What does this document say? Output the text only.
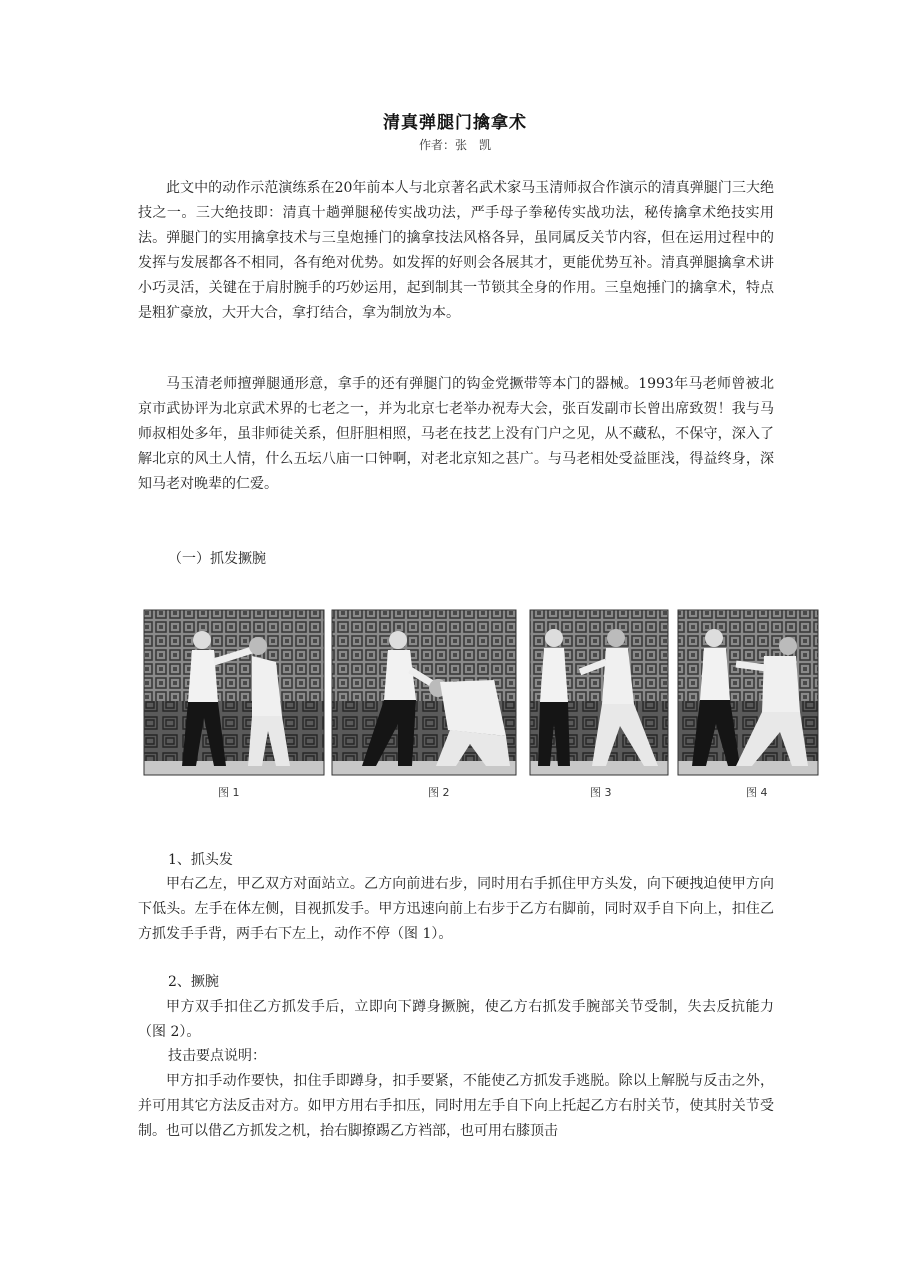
清真弹腿门擒拿术
作者：张　凯

此文中的动作示范演练系在20年前本人与北京著名武术家马玉清师叔合作演示的清真弹腿门三大绝技之一。三大绝技即：清真十趟弹腿秘传实战功法，严手母子拳秘传实战功法，秘传擒拿术绝技实用法。弹腿门的实用擒拿技术与三皇炮捶门的擒拿技法风格各异，虽同属反关节内容，但在运用过程中的发挥与发展都各不相同，各有绝对优势。如发挥的好则会各展其才，更能优势互补。清真弹腿擒拿术讲小巧灵活，关键在于肩肘腕手的巧妙运用，起到制其一节锁其全身的作用。三皇炮捶门的擒拿术，特点是粗犷豪放，大开大合，拿打结合，拿为制放为本。

马玉清老师擅弹腿通形意，拿手的还有弹腿门的钩金党撅带等本门的器械。1993年马老师曾被北京市武协评为北京武术界的七老之一，并为北京七老举办祝寿大会，张百发副市长曾出席致贺！我与马师叔相处多年，虽非师徒关系，但肝胆相照，马老在技艺上没有门户之见，从不藏私，不保守，深入了解北京的风土人情，什么五坛八庙一口钟啊，对老北京知之甚广。与马老相处受益匪浅，得益终身，深知马老对晚辈的仁爱。

（一）抓发撅腕
图 1	图 2	图 3	图 4
1、抓头发

甲右乙左，甲乙双方对面站立。乙方向前进右步，同时用右手抓住甲方头发，向下硬拽迫使甲方向下低头。左手在体左侧，目视抓发手。甲方迅速向前上右步于乙方右脚前，同时双手自下向上，扣住乙方抓发手手背，两手右下左上，动作不停（图 1）。

2、撅腕

甲方双手扣住乙方抓发手后，立即向下蹲身撅腕，使乙方右抓发手腕部关节受制，失去反抗能力（图 2）。

技击要点说明：

甲方扣手动作要快，扣住手即蹲身，扣手要紧，不能使乙方抓发手逃脱。除以上解脱与反击之外，并可用其它方法反击对方。如甲方用右手扣压，同时用左手自下向上托起乙方右肘关节，使其肘关节受制。也可以借乙方抓发之机，抬右脚撩踢乙方裆部，也可用右膝顶击
